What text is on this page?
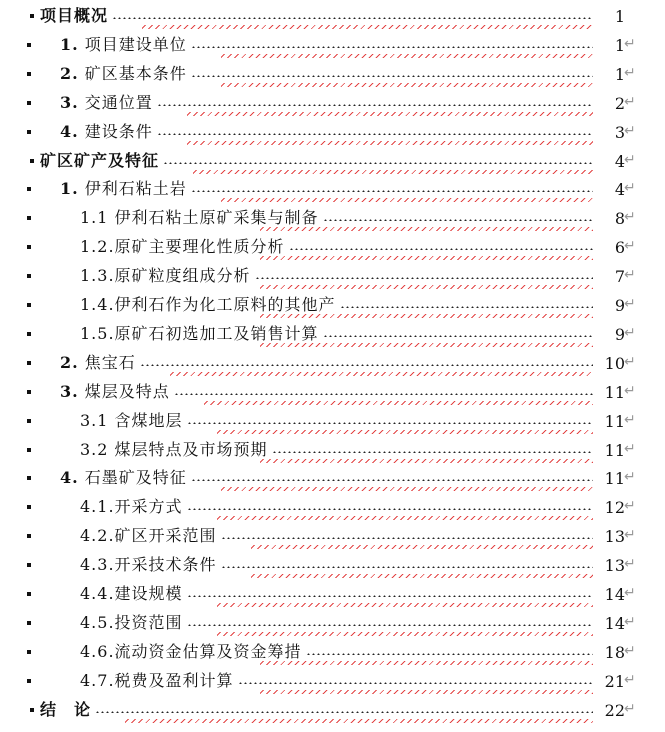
项目概况	1
1. 项目建设单位	1 ↵
2. 矿区基本条件	1 ↵
3. 交通位置	2 ↵
4. 建设条件	3 ↵
矿区矿产及特征	4 ↵
1. 伊利石粘土岩	4 ↵
1.1 伊利石粘土原矿采集与制备	8 ↵
1.2.原矿主要理化性质分析	6 ↵
1.3.原矿粒度组成分析	7 ↵
1.4.伊利石作为化工原料的其他产	9 ↵
1.5.原矿石初选加工及销售计算	9 ↵
2. 焦宝石	10 ↵
3. 煤层及特点	11 ↵
3.1 含煤地层	11 ↵
3.2 煤层特点及市场预期	11 ↵
4. 石墨矿及特征	11 ↵
4.1.开采方式	12 ↵
4.2.矿区开采范围	13 ↵
4.3.开采技术条件	13 ↵
4.4.建设规模	14 ↵
4.5.投资范围	14 ↵
4.6.流动资金估算及资金筹措	18 ↵
4.7.税费及盈利计算	21 ↵
结　论	22 ↵
